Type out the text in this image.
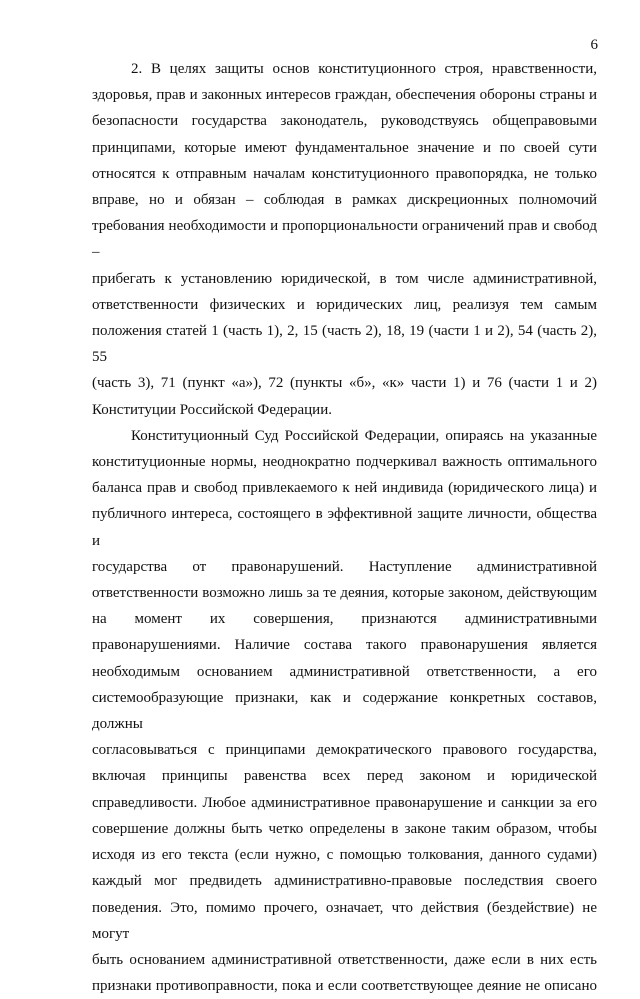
6

2. В целях защиты основ конституционного строя, нравственности,
здоровья, прав и законных интересов граждан, обеспечения обороны страны и
безопасности государства законодатель, руководствуясь общеправовыми
принципами, которые имеют фундаментальное значение и по своей сути
относятся к отправным началам конституционного правопорядка, не только
вправе, но и обязан – соблюдая в рамках дискреционных полномочий
требования необходимости и пропорциональности ограничений прав и свобод –
прибегать к установлению юридической, в том числе административной,
ответственности физических и юридических лиц, реализуя тем самым
положения статей 1 (часть 1), 2, 15 (часть 2), 18, 19 (части 1 и 2), 54 (часть 2), 55
(часть 3), 71 (пункт «а»), 72 (пункты «б», «к» части 1) и 76 (части 1 и 2)
Конституции Российской Федерации.

Конституционный Суд Российской Федерации, опираясь на указанные
конституционные нормы, неоднократно подчеркивал важность оптимального
баланса прав и свобод привлекаемого к ней индивида (юридического лица) и
публичного интереса, состоящего в эффективной защите личности, общества и
государства от правонарушений. Наступление административной
ответственности возможно лишь за те деяния, которые законом, действующим
на момент их совершения, признаются административными
правонарушениями. Наличие состава такого правонарушения является
необходимым основанием административной ответственности, а его
системообразующие признаки, как и содержание конкретных составов, должны
согласовываться с принципами демократического правового государства,
включая принципы равенства всех перед законом и юридической
справедливости. Любое административное правонарушение и санкции за его
совершение должны быть четко определены в законе таким образом, чтобы
исходя из его текста (если нужно, с помощью толкования, данного судами)
каждый мог предвидеть административно-правовые последствия своего
поведения. Это, помимо прочего, означает, что действия (бездействие) не могут
быть основанием административной ответственности, даже если в них есть
признаки противоправности, пока и если соответствующее деяние не описано
